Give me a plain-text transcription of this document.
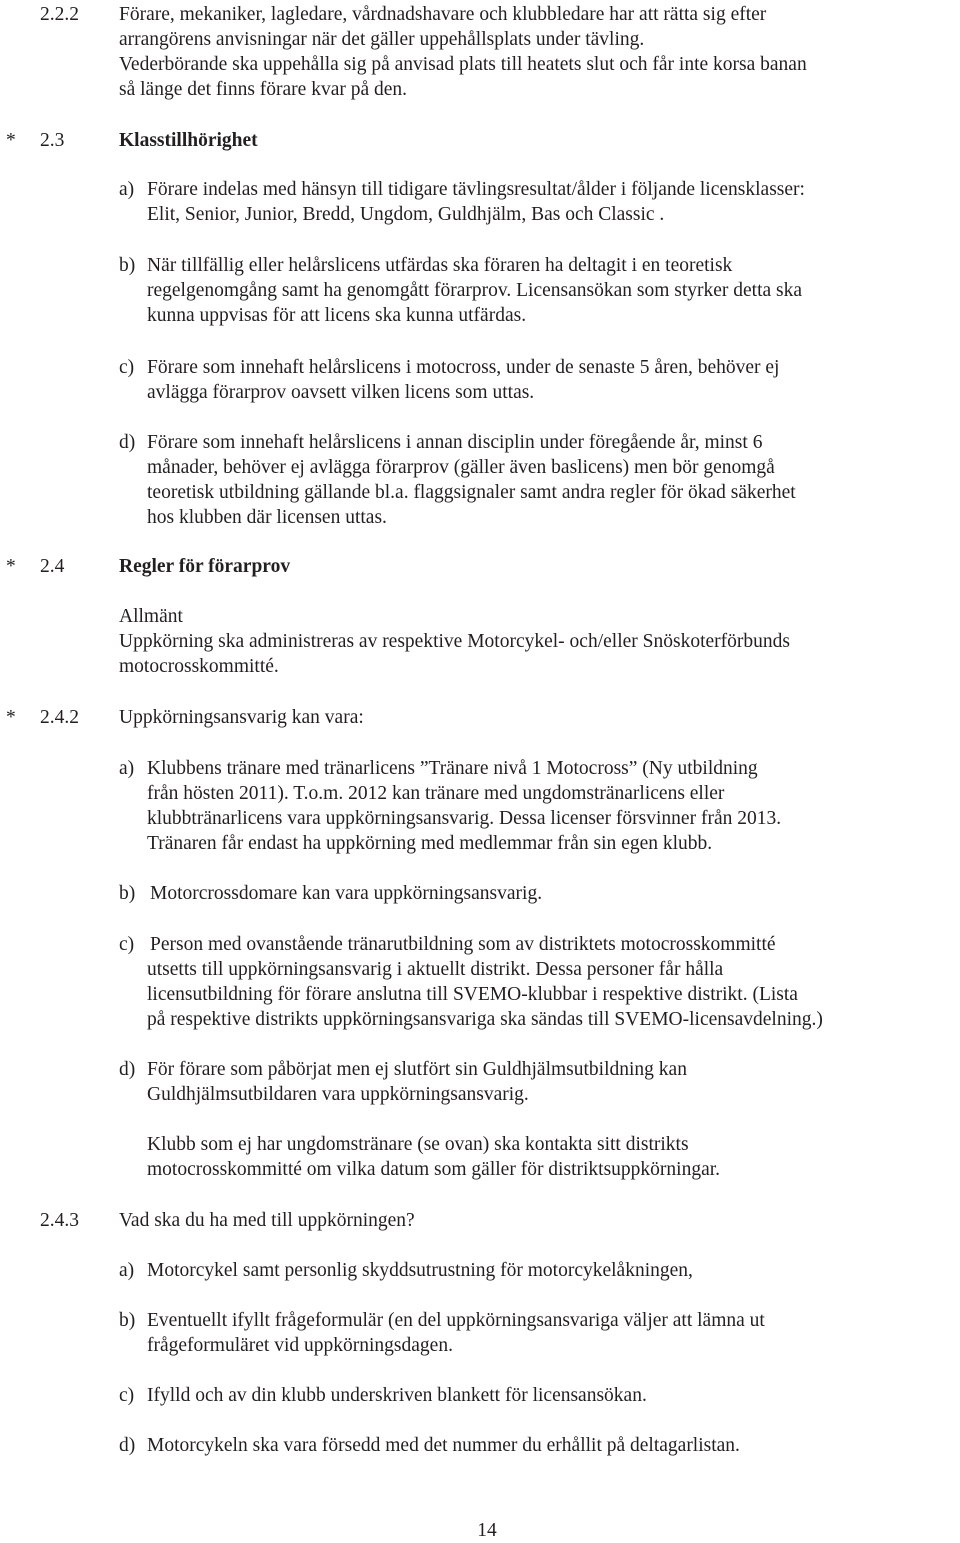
2.2.2 Förare, mekaniker, lagledare, vårdnadshavare och klubbledare har att rätta sig efter
arrangörens anvisningar när det gäller uppehållsplats under tävling.
Vederbörande ska uppehålla sig på anvisad plats till heatets slut och får inte korsa banan
så länge det finns förare kvar på den.
* 2.3	Klasstillhörighet
a) Förare indelas med hänsyn till tidigare tävlingsresultat/ålder i följande licensklasser:
Elit, Senior, Junior, Bredd, Ungdom, Guldhjälm, Bas och Classic .
b) När tillfällig eller helårslicens utfärdas ska föraren ha deltagit i en teoretisk
regelgenomgång samt ha genomgått förarprov. Licensansökan som styrker detta ska
kunna uppvisas för att licens ska kunna utfärdas.
c) Förare som innehaft helårslicens i motocross, under de senaste 5 åren, behöver ej
avlägga förarprov oavsett vilken licens som uttas.
d) Förare som innehaft helårslicens i annan disciplin under föregående år, minst 6
månader, behöver ej avlägga förarprov (gäller även baslicens) men bör genomgå
teoretisk utbildning gällande bl.a. flaggsignaler samt andra regler för ökad säkerhet
hos klubben där licensen uttas.
* 2.4	Regler för förarprov
Allmänt
Uppkörning ska administreras av respektive Motorcykel- och/eller Snöskoterförbunds
motocrosskommitté.
* 2.4.2 Uppkörningsansvarig kan vara:
a) Klubbens tränare med tränarlicens ”Tränare nivå 1 Motocross” (Ny utbildning
från hösten 2011). T.o.m. 2012 kan tränare med ungdomstränarlicens eller
klubbtränarlicens vara uppkörningsansvarig. Dessa licenser försvinner från 2013.
Tränaren får endast ha uppkörning med medlemmar från sin egen klubb.
b) Motorcrossdomare kan vara uppkörningsansvarig.
c) Person med ovanstående tränarutbildning som av distriktets motocrosskommitté
utsetts till uppkörningsansvarig i aktuellt distrikt. Dessa personer får hålla
licensutbildning för förare anslutna till SVEMO-klubbar i respektive distrikt. (Lista
på respektive distrikts uppkörningsansvariga ska sändas till SVEMO-licensavdelning.)
d) För förare som påbörjat men ej slutfört sin Guldhjälmsutbildning kan
Guldhjälmsutbildaren vara uppkörningsansvarig.
Klubb som ej har ungdomstränare (se ovan) ska kontakta sitt distrikts
motocrosskommitté om vilka datum som gäller för distriktsuppkörningar.
2.4.3 Vad ska du ha med till uppkörningen?
a) Motorcykel samt personlig skyddsutrustning för motorcykelåkningen,
b) Eventuellt ifyllt frågeformulär (en del uppkörningsansvariga väljer att lämna ut
frågeformuläret vid uppkörningsdagen.
c) Ifylld och av din klubb underskriven blankett för licensansökan.
d) Motorcykeln ska vara försedd med det nummer du erhållit på deltagarlistan.
14
